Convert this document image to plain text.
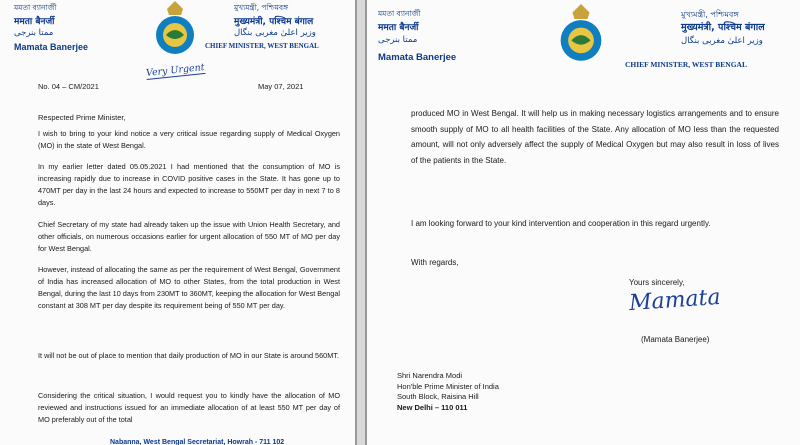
মমতা ব্যানার্জী
ममता बैनर्जी
ممتا بنرجی
Mamata Banerjee
মুখ্যমন্ত্রী, পশ্চিমবঙ্গ
मुख्यमंत्री, पश्चिम बंगाल
وزیر اعلیٰ مغربی بنگال
CHIEF MINISTER, WEST BENGAL
No. 04 – CM/2021
Very Urgent
May 07, 2021
Respected Prime Minister,

I wish to bring to your kind notice a very critical issue regarding supply of Medical Oxygen (MO) in the state of West Bengal.

In my earlier letter dated 05.05.2021 I had mentioned that the consumption of MO is increasing rapidly due to increase in COVID positive cases in the State. It has gone up to 470MT per day in the last 24 hours and expected to increase to 550MT per day in next 7 to 8 days.

Chief Secretary of my state had already taken up the issue with Union Health Secretary, and other officials, on numerous occasions earlier for urgent allocation of 550 MT of MO per day for West Bengal.

However, instead of allocating the same as per the requirement of West Bengal, Government of India has increased allocation of MO to other States, from the total production in West Bengal, during the last 10 days from 230MT to 360MT, keeping the allocation for West Bengal constant at 308 MT per day despite its requirement being of 550 MT per day.

It will not be out of place to mention that daily production of MO in our State is around 560MT.

Considering the critical situation, I would request you to kindly have the allocation of MO reviewed and instructions issued for an immediate allocation of at least 550 MT per day of MO preferably out of the total

Nabanna, West Bengal Secretariat, Howrah - 711 102
মমতা ব্যানার্জী
ममता बैनर्जी
ممتا بنرجی
Mamata Banerjee
মুখ্যমন্ত্রী, পশ্চিমবঙ্গ
मुख्यमंत्री, पश्चिम बंगाल
وزیر اعلیٰ مغربی بنگال
CHIEF MINISTER, WEST BENGAL

produced MO in West Bengal. It will help us in making necessary logistics arrangements and to ensure smooth supply of MO to all health facilities of the State. Any allocation of MO less than the requested amount, will not only adversely affect the supply of Medical Oxygen but may also result in loss of lives of the patients in the State.

I am looking forward to your kind intervention and cooperation in this regard urgently.

With regards,
Yours sincerely,
Mamata
(Mamata Banerjee)
Shri Narendra Modi
Hon'ble Prime Minister of India
South Block, Raisina Hill
New Delhi – 110 011
